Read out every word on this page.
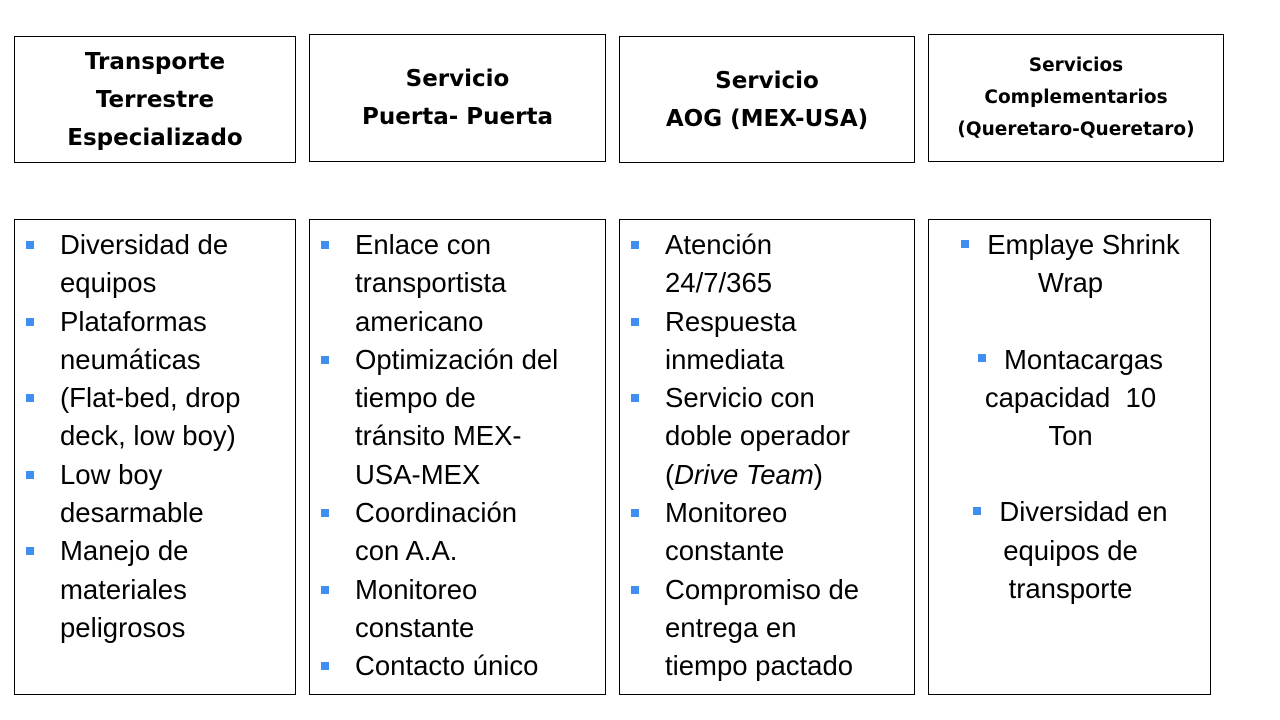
Transporte
Terrestre
Especializado
Servicio
Puerta- Puerta
Servicio
AOG (MEX-USA)
Servicios
Complementarios
(Queretaro-Queretaro)
Diversidad de
equipos
Plataformas
neumáticas
(Flat-bed, drop
deck, low boy)
Low boy
desarmable
Manejo de
materiales
peligrosos
Enlace con
transportista
americano
Optimización del
tiempo de
tránsito MEX-
USA-MEX
Coordinación
con A.A.
Monitoreo
constante
Contacto único
Atención
24/7/365
Respuesta
inmediata
Servicio con
doble operador
(Drive Team)
Monitoreo
constante
Compromiso de
entrega en
tiempo pactado
Emplaye Shrink
Wrap
Montacargas
capacidad  10
Ton
Diversidad en
equipos de
transporte
